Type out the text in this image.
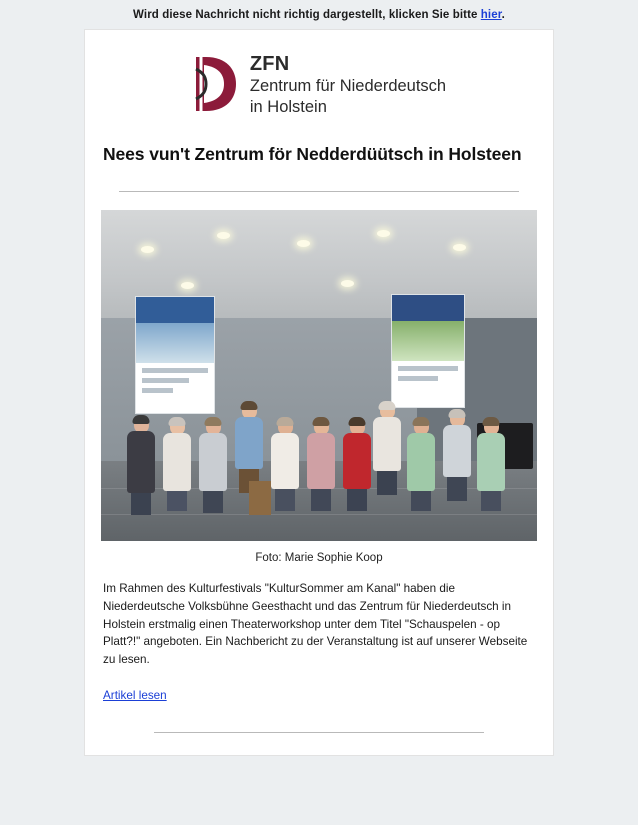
Wird diese Nachricht nicht richtig dargestellt, klicken Sie bitte hier.
ZFN
Zentrum für Niederdeutsch
in Holstein
Nees vun't Zentrum för Nedderdüütsch in Holsteen
Foto: Marie Sophie Koop
Im Rahmen des Kulturfestivals "KulturSommer am Kanal" haben die Niederdeutsche Volksbühne Geesthacht und das Zentrum für Niederdeutsch in Holstein erstmalig einen Theaterworkshop unter dem Titel "Schauspelen - op Platt?!" angeboten. Ein Nachbericht zu der Veranstaltung ist auf unserer Webseite zu lesen.
Artikel lesen
